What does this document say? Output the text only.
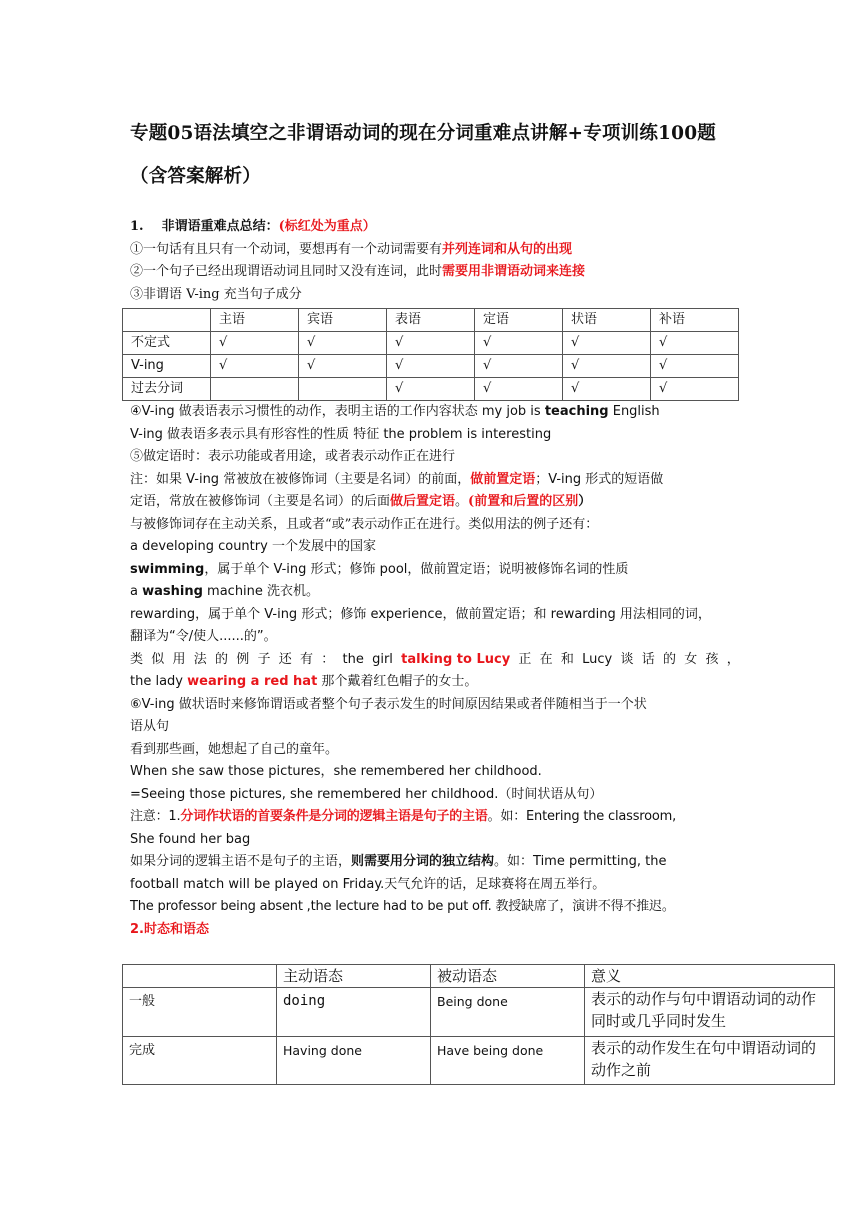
专题05语法填空之非谓语动词的现在分词重难点讲解+专项训练100题（含答案解析）
1. 非谓语重难点总结：(标红处为重点）
①一句话有且只有一个动词，要想再有一个动词需要有并列连词和从句的出现
②一个句子已经出现谓语动词且同时又没有连词，此时需要用非谓语动词来连接
③非谓语 V-ing 充当句子成分
	主语	宾语	表语	定语	状语	补语
不定式	√	√	√	√	√	√
V-ing	√	√	√	√	√	√
过去分词			√	√	√	√
④V-ing 做表语表示习惯性的动作，表明主语的工作内容状态 my job is teaching English
V-ing 做表语多表示具有形容性的性质 特征 the problem is interesting
⑤做定语时：表示功能或者用途，或者表示动作正在进行
注：如果 V-ing 常被放在被修饰词（主要是名词）的前面，做前置定语；V-ing 形式的短语做
定语，常放在被修饰词（主要是名词）的后面做后置定语。(前置和后置的区别）
与被修饰词存在主动关系，且或者“或”表示动作正在进行。类似用法的例子还有：
a developing country 一个发展中的国家
swimming，属于单个 V-ing 形式；修饰 pool，做前置定语；说明被修饰名词的性质
a washing machine 洗衣机。
rewarding，属于单个 V-ing 形式；修饰 experience，做前置定语；和 rewarding 用法相同的词，
翻译为“令/使人......的”。
类 似 用 法 的 例 子 还 有 ： the girl talking to Lucy 正 在 和 Lucy 谈 话 的 女 孩 ，
the lady wearing a red hat 那个戴着红色帽子的女士。
⑥V-ing 做状语时来修饰谓语或者整个句子表示发生的时间原因结果或者伴随相当于一个状
语从句
看到那些画，她想起了自己的童年。
When she saw those pictures，she remembered her childhood.
=Seeing those pictures, she remembered her childhood.（时间状语从句）
注意：1.分词作状语的首要条件是分词的逻辑主语是句子的主语。如：Entering the classroom,
She found her bag
如果分词的逻辑主语不是句子的主语，则需要用分词的独立结构。如：Time permitting, the
football match will be played on Friday.天气允许的话，足球赛将在周五举行。
The professor being absent ,the lecture had to be put off. 教授缺席了，演讲不得不推迟。
2.时态和语态
	主动语态	被动语态	意义
一般	doing	Being done	表示的动作与句中谓语动词的动作同时或几乎同时发生
完成	Having done	Have being done	表示的动作发生在句中谓语动词的动作之前
